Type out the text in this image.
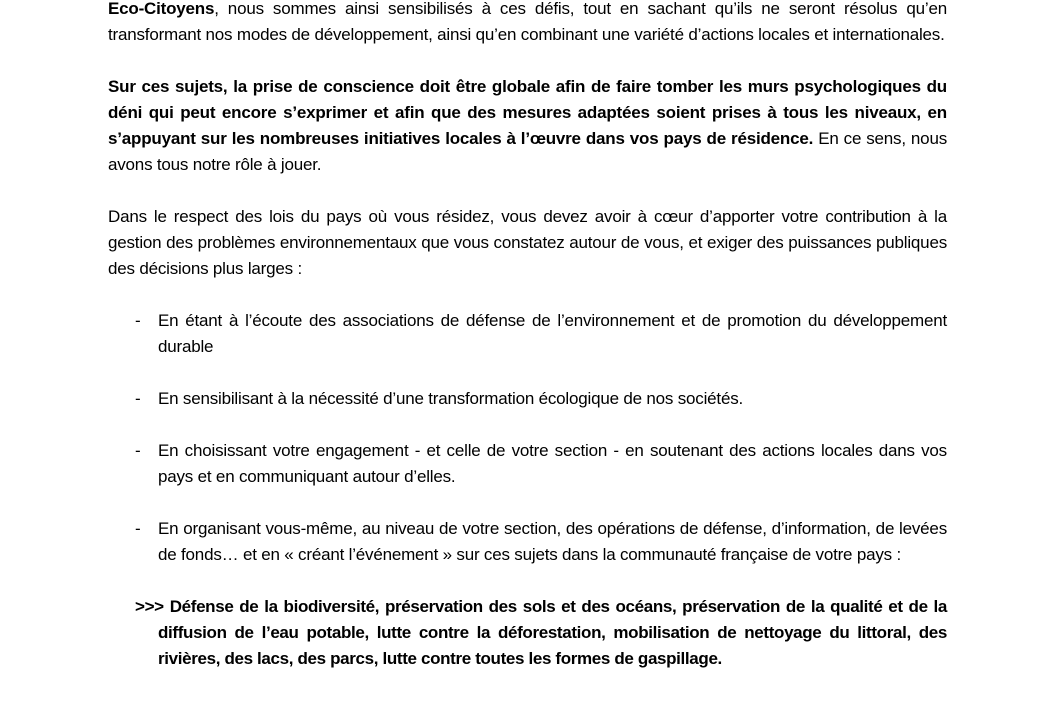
Eco-Citoyens, nous sommes ainsi sensibilisés à ces défis, tout en sachant qu’ils ne seront résolus qu’en transformant nos modes de développement, ainsi qu’en combinant une variété d’actions locales et internationales.

Sur ces sujets, la prise de conscience doit être globale afin de faire tomber les murs psychologiques du déni qui peut encore s’exprimer et afin que des mesures adaptées soient prises à tous les niveaux, en s’appuyant sur les nombreuses initiatives locales à l’œuvre dans vos pays de résidence. En ce sens, nous avons tous notre rôle à jouer.

Dans le respect des lois du pays où vous résidez, vous devez avoir à cœur d’apporter votre contribution à la gestion des problèmes environnementaux que vous constatez autour de vous, et exiger des puissances publiques des décisions plus larges :

-	En étant à l’écoute des associations de défense de l’environnement et de promotion du développement durable
-	En sensibilisant à la nécessité d’une transformation écologique de nos sociétés.
-	En choisissant votre engagement - et celle de votre section - en soutenant des actions locales dans vos pays et en communiquant autour d’elles.
-	En organisant vous-même, au niveau de votre section, des opérations de défense, d’information, de levées de fonds… et en « créant l’événement » sur ces sujets dans la communauté française de votre pays :

>>> Défense de la biodiversité, préservation des sols et des océans, préservation de la qualité et de la diffusion de l’eau potable, lutte contre la déforestation, mobilisation de nettoyage du littoral, des rivières, des lacs, des parcs, lutte contre toutes les formes de gaspillage.
